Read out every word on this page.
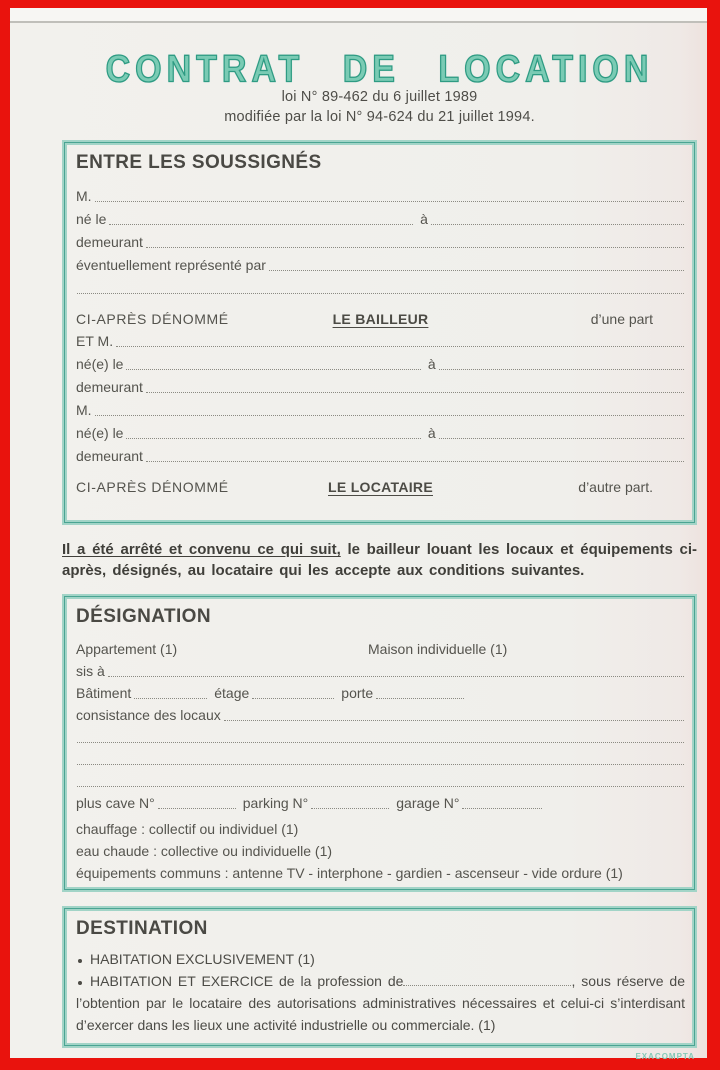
CONTRAT DE LOCATION
loi N° 89-462 du 6 juillet 1989
modifiée par la loi N° 94-624 du 21 juillet 1994.
ENTRE LES SOUSSIGNÉS
M.
né le	à
demeurant
éventuellement représenté par
CI-APRÈS DÉNOMMÉ	LE BAILLEUR	d’une part
ET M.
né(e) le	à
demeurant
M.
né(e) le	à
demeurant
CI-APRÈS DÉNOMMÉ	LE LOCATAIRE	d’autre part.

Il a été arrêté et convenu ce qui suit, le bailleur louant les locaux et équipements ci-après, désignés, au locataire qui les accepte aux conditions suivantes.

DÉSIGNATION
Appartement (1)	Maison individuelle (1)
sis à
Bâtiment	étage	porte
consistance des locaux
plus cave N°	parking N°	garage N°
chauffage : collectif ou individuel (1)
eau chaude : collective ou individuelle (1)
équipements communs : antenne TV - interphone - gardien - ascenseur - vide ordure (1)
DESTINATION
HABITATION EXCLUSIVEMENT (1)

HABITATION ET EXERCICE de la profession de	, sous réserve de l’obtention par le locataire des autorisations administratives nécessaires et celui-ci s’interdisant d’exercer dans les lieux une activité industrielle ou commerciale. (1)

EXACOMPTA
